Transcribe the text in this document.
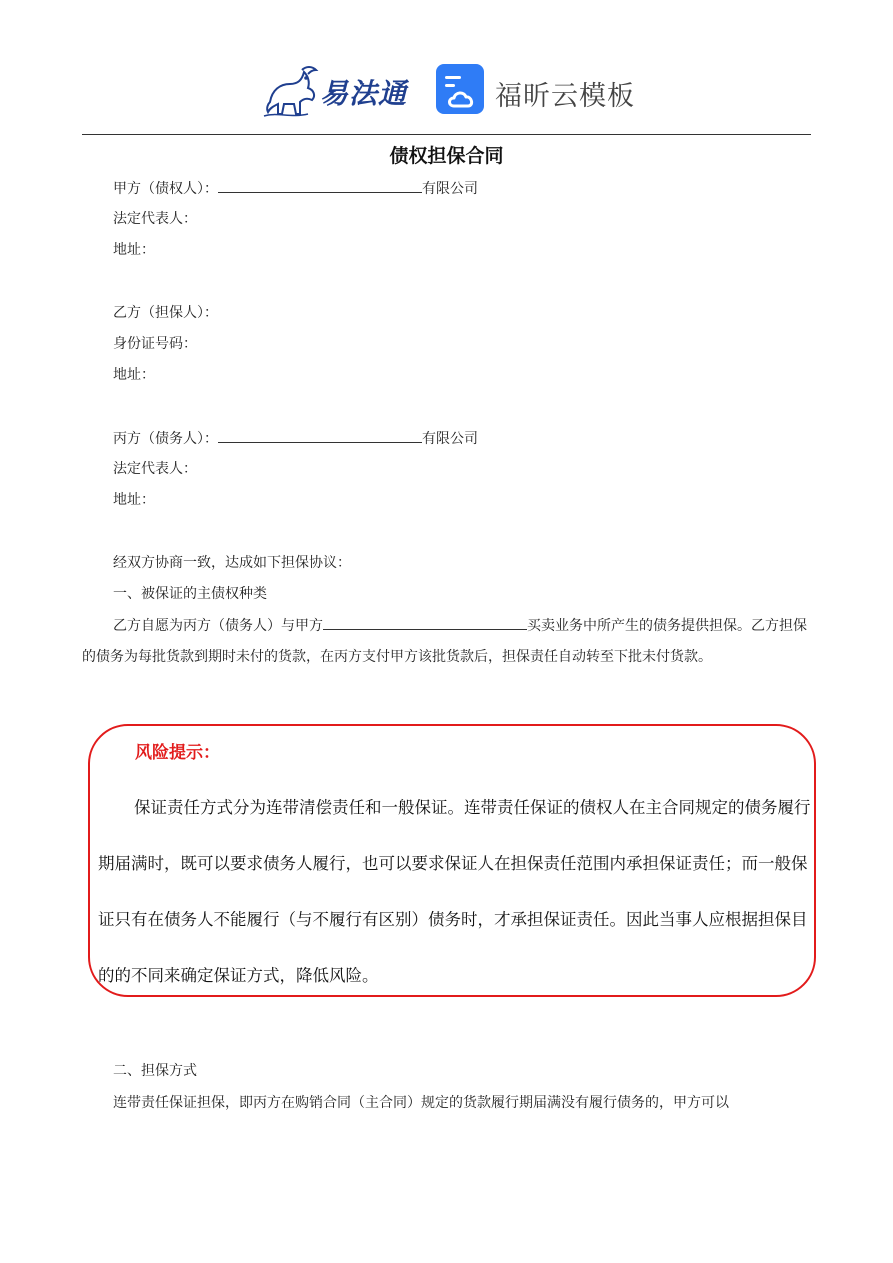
易法通	福昕云模板
债权担保合同
甲方（债权人）：	有限公司
法定代表人：
地址：
乙方（担保人）：
身份证号码：
地址：
丙方（债务人）：	有限公司
法定代表人：
地址：
经双方协商一致，达成如下担保协议：
一、被保证的主债权种类
乙方自愿为丙方（债务人）与甲方	买卖业务中所产生的债务提供担保。乙方担保的债务为每批货款到期时未付的货款，在丙方支付甲方该批货款后，担保责任自动转至下批未付货款。
风险提示：
保证责任方式分为连带清偿责任和一般保证。连带责任保证的债权人在主合同规定的债务履行期届满时，既可以要求债务人履行，也可以要求保证人在担保责任范围内承担保证责任；而一般保证只有在债务人不能履行（与不履行有区别）债务时，才承担保证责任。因此当事人应根据担保目的的不同来确定保证方式，降低风险。
二、担保方式
连带责任保证担保，即丙方在购销合同（主合同）规定的货款履行期届满没有履行债务的，甲方可以
